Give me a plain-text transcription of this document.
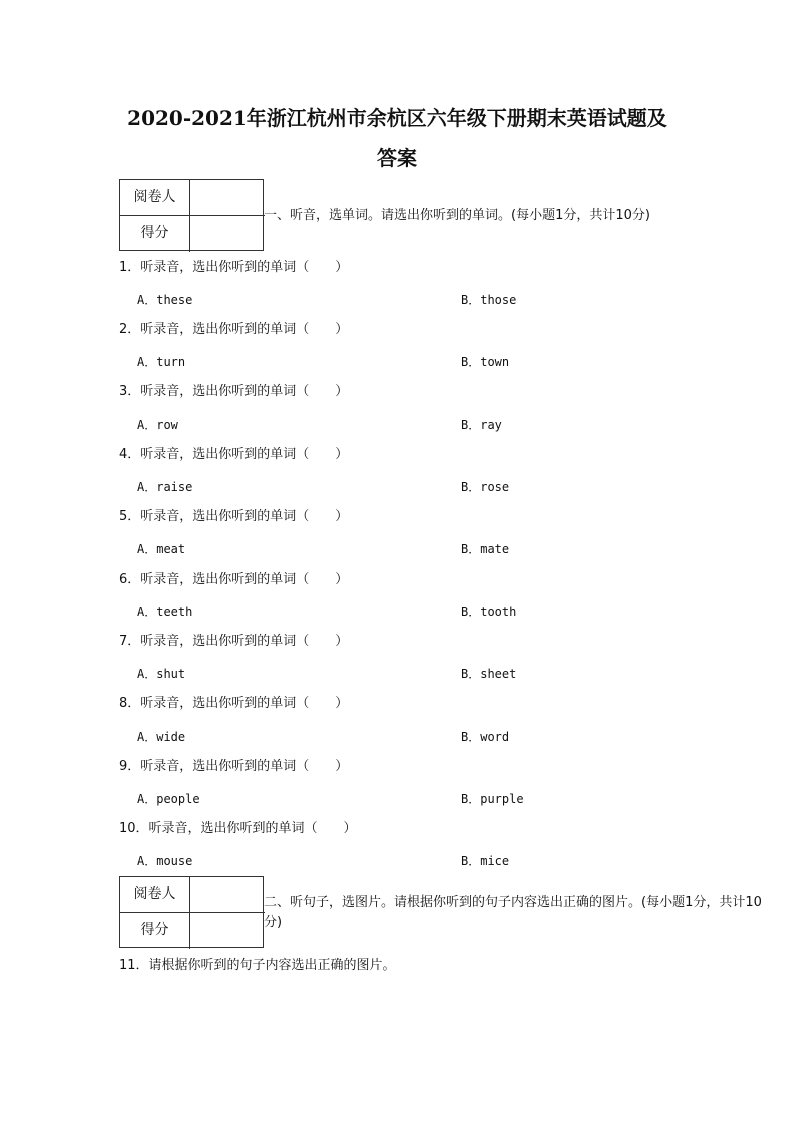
2020-2021年浙江杭州市余杭区六年级下册期末英语试题及
答案
阅卷人
得分
一、听音，选单词。请选出你听到的单词。(每小题1分，共计10分)
1．听录音，选出你听到的单词（　　）
A．these	B．those
2．听录音，选出你听到的单词（　　）
A．turn	B．town
3．听录音，选出你听到的单词（　　）
A．row	B．ray
4．听录音，选出你听到的单词（　　）
A．raise	B．rose
5．听录音，选出你听到的单词（　　）
A．meat	B．mate
6．听录音，选出你听到的单词（　　）
A．teeth	B．tooth
7．听录音，选出你听到的单词（　　）
A．shut	B．sheet
8．听录音，选出你听到的单词（　　）
A．wide	B．word
9．听录音，选出你听到的单词（　　）
A．people	B．purple
10．听录音，选出你听到的单词（　　）
A．mouse	B．mice
阅卷人
得分
二、听句子，选图片。请根据你听到的句子内容选出正确的图片。(每小题1分，共计10
分)
11．请根据你听到的句子内容选出正确的图片。
